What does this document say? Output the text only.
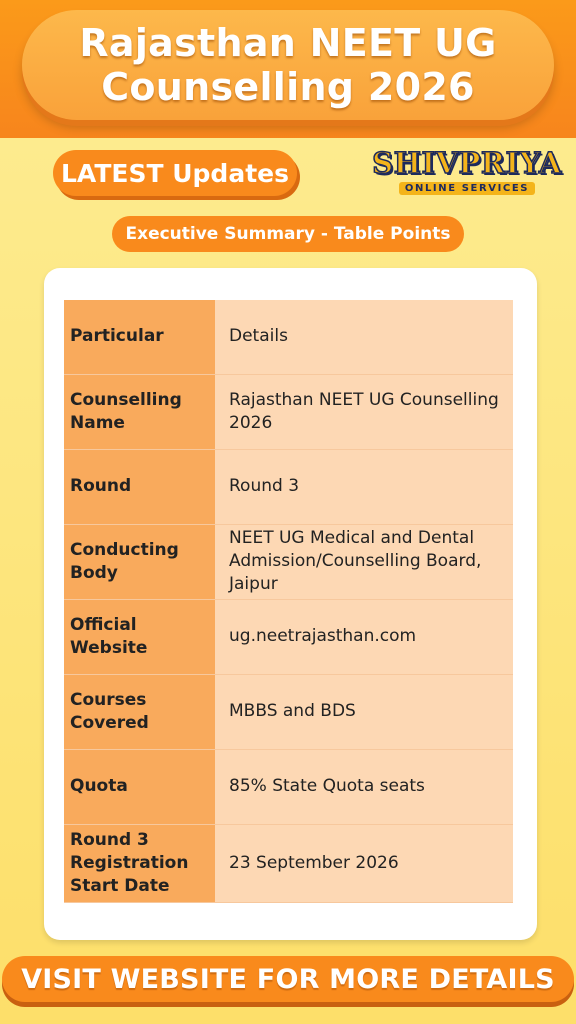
Rajasthan NEET UG
Counselling 2026
LATEST Updates	SHIVPRIYA
ONLINE SERVICES
Executive Summary - Table Points
Particular	Details
Counselling Name	Rajasthan NEET UG Counselling 2026
Round	Round 3
Conducting Body	NEET UG Medical and Dental Admission/Counselling Board, Jaipur
Official Website	ug.neetrajasthan.com
Courses Covered	MBBS and BDS
Quota	85% State Quota seats
Round 3 Registration Start Date	23 September 2026
VISIT WEBSITE FOR MORE DETAILS
